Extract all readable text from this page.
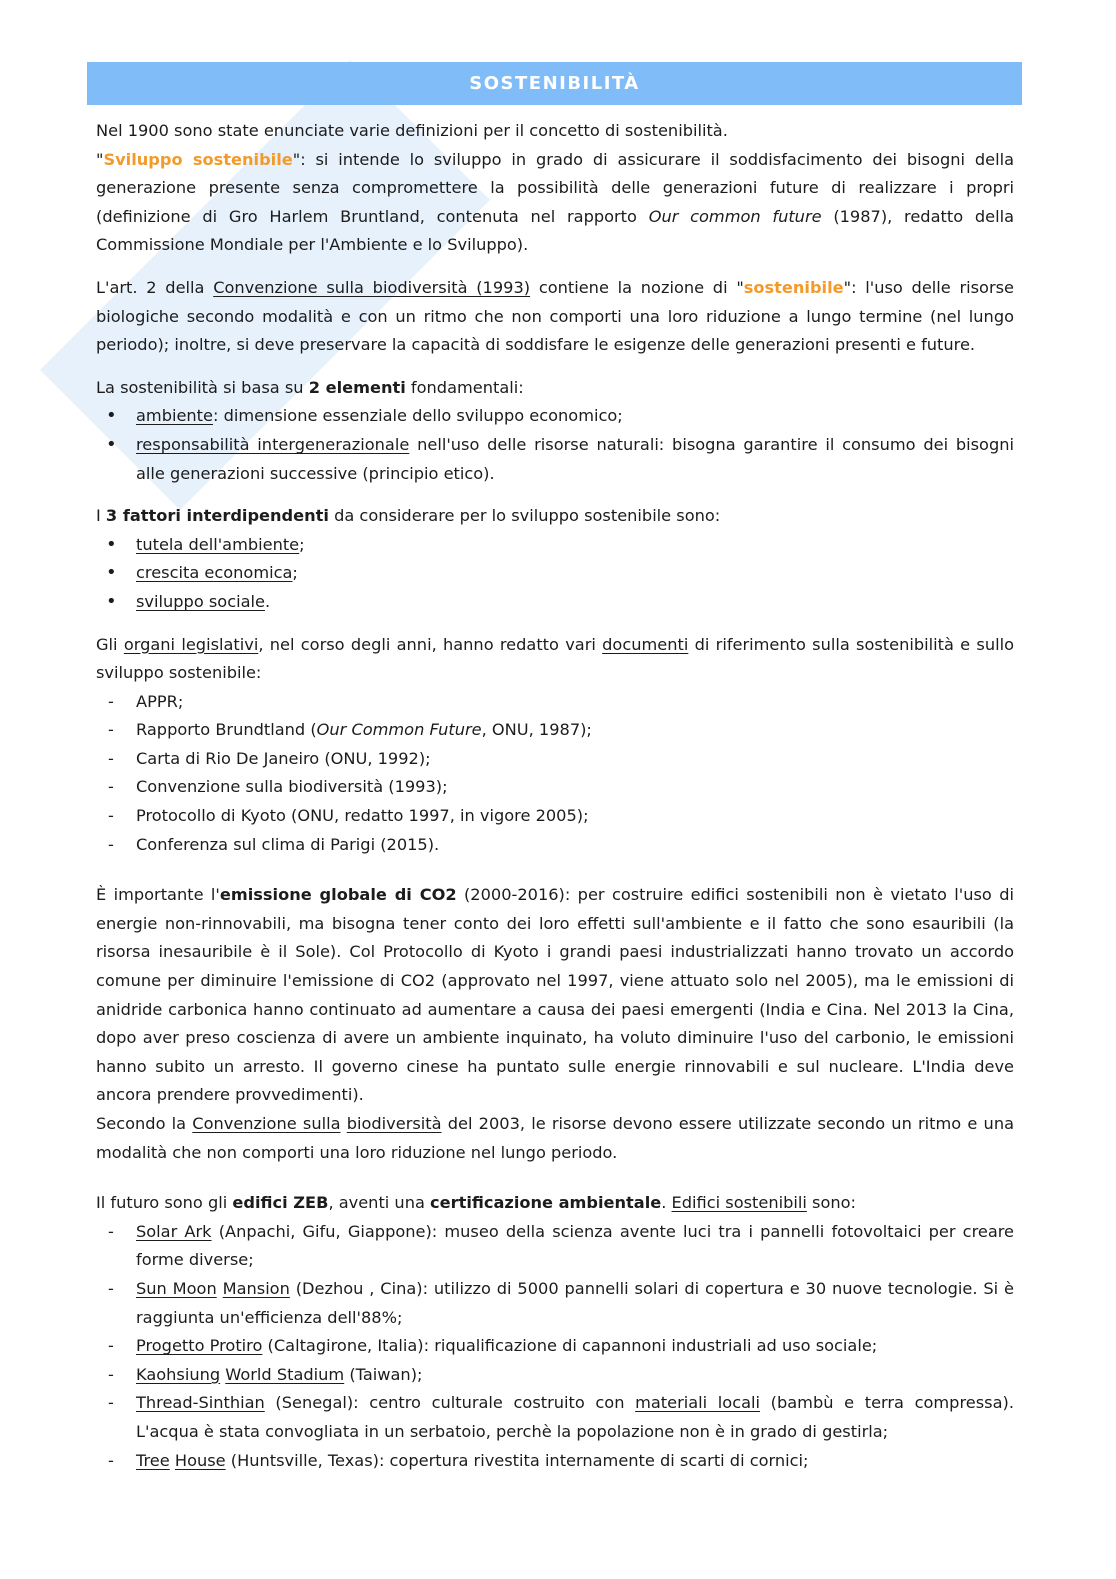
SOSTENIBILITÀ

Nel 1900 sono state enunciate varie definizioni per il concetto di sostenibilità.

"Sviluppo sostenibile": si intende lo sviluppo in grado di assicurare il soddisfacimento dei bisogni della generazione presente senza compromettere la possibilità delle generazioni future di realizzare i propri (definizione di Gro Harlem Bruntland, contenuta nel rapporto Our common future (1987), redatto della Commissione Mondiale per l'Ambiente e lo Sviluppo).

L'art. 2 della Convenzione sulla biodiversità (1993) contiene la nozione di "sostenibile": l'uso delle risorse biologiche secondo modalità e con un ritmo che non comporti una loro riduzione a lungo termine (nel lungo periodo); inoltre, si deve preservare la capacità di soddisfare le esigenze delle generazioni presenti e future.

La sostenibilità si basa su 2 elementi fondamentali:

• ambiente: dimensione essenziale dello sviluppo economico;
• responsabilità intergenerazionale nell'uso delle risorse naturali: bisogna garantire il consumo dei bisogni alle generazioni successive (principio etico).

I 3 fattori interdipendenti da considerare per lo sviluppo sostenibile sono:

• tutela dell'ambiente;
• crescita economica;
• sviluppo sociale.

Gli organi legislativi, nel corso degli anni, hanno redatto vari documenti di riferimento sulla sostenibilità e sullo sviluppo sostenibile:

- APPR;
- Rapporto Brundtland (Our Common Future, ONU, 1987);
- Carta di Rio De Janeiro (ONU, 1992);
- Convenzione sulla biodiversità (1993);
- Protocollo di Kyoto (ONU, redatto 1997, in vigore 2005);
- Conferenza sul clima di Parigi (2015).

È importante l'emissione globale di CO2 (2000-2016): per costruire edifici sostenibili non è vietato l'uso di energie non-rinnovabili, ma bisogna tener conto dei loro effetti sull'ambiente e il fatto che sono esauribili (la risorsa inesauribile è il Sole). Col Protocollo di Kyoto i grandi paesi industrializzati hanno trovato un accordo comune per diminuire l'emissione di CO2 (approvato nel 1997, viene attuato solo nel 2005), ma le emissioni di anidride carbonica hanno continuato ad aumentare a causa dei paesi emergenti (India e Cina. Nel 2013 la Cina, dopo aver preso coscienza di avere un ambiente inquinato, ha voluto diminuire l'uso del carbonio, le emissioni hanno subito un arresto. Il governo cinese ha puntato sulle energie rinnovabili e sul nucleare. L'India deve ancora prendere provvedimenti).

Secondo la Convenzione sulla biodiversità del 2003, le risorse devono essere utilizzate secondo un ritmo e una modalità che non comporti una loro riduzione nel lungo periodo.

Il futuro sono gli edifici ZEB, aventi una certificazione ambientale. Edifici sostenibili sono:

- Solar Ark (Anpachi, Gifu, Giappone): museo della scienza avente luci tra i pannelli fotovoltaici per creare forme diverse;
- Sun Moon Mansion (Dezhou , Cina): utilizzo di 5000 pannelli solari di copertura e 30 nuove tecnologie. Si è raggiunta un'efficienza dell'88%;
- Progetto Protiro (Caltagirone, Italia): riqualificazione di capannoni industriali ad uso sociale;
- Kaohsiung World Stadium (Taiwan);
- Thread-Sinthian (Senegal): centro culturale costruito con materiali locali (bambù e terra compressa). L'acqua è stata convogliata in un serbatoio, perchè la popolazione non è in grado di gestirla;
- Tree House (Huntsville, Texas): copertura rivestita internamente di scarti di cornici;
